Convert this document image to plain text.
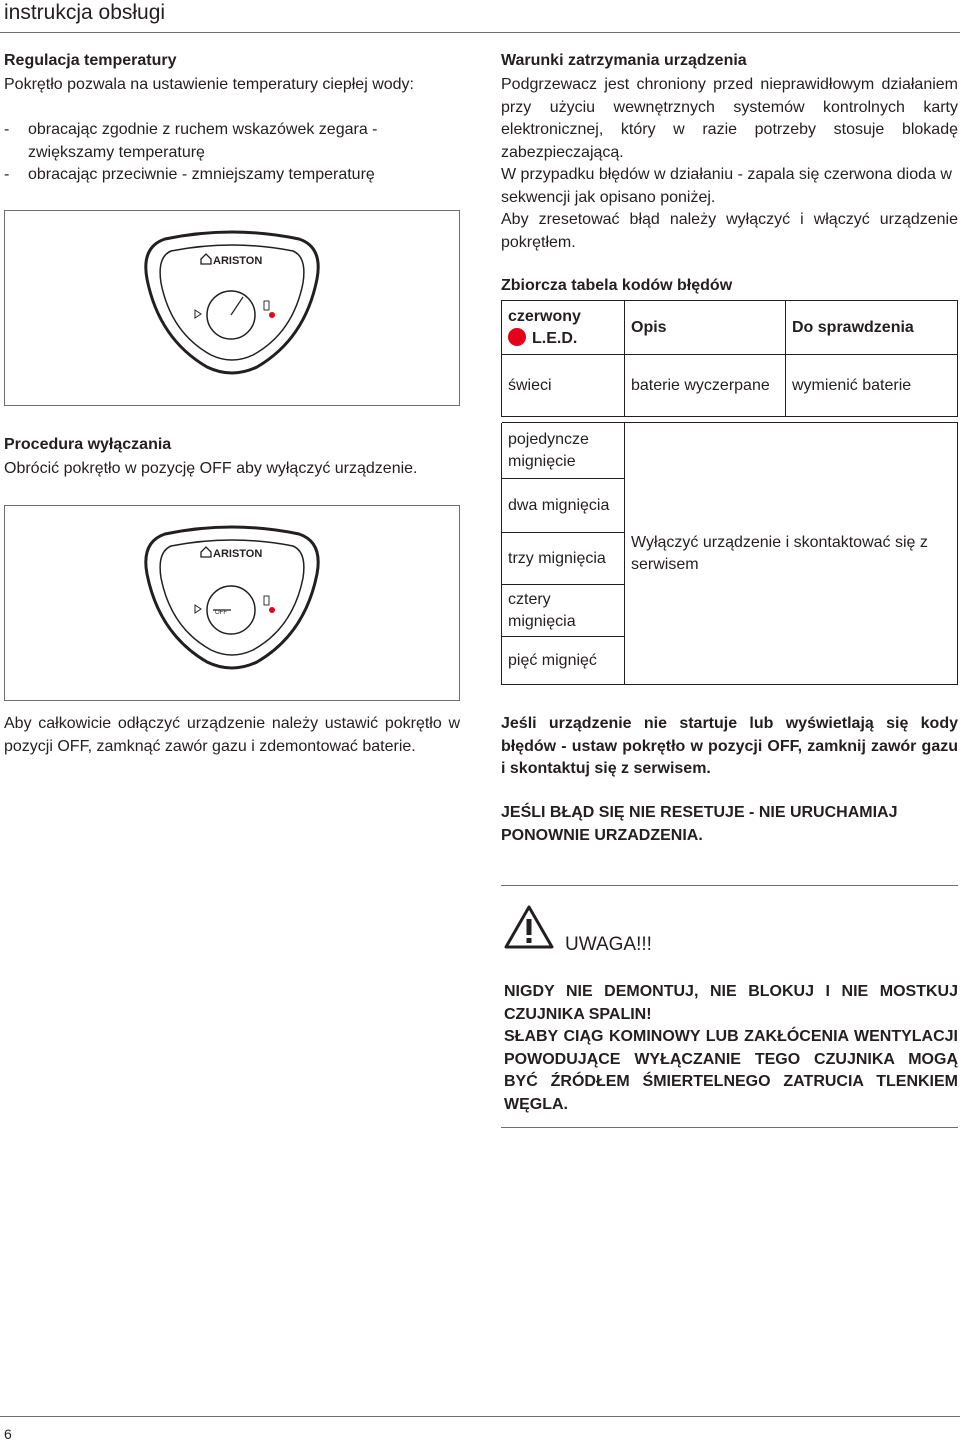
instrukcja obsługi
Regulacja temperatury
Pokrętło pozwala na ustawienie temperatury ciepłej wody:
-	obracając zgodnie z ruchem wskazówek zegara - zwiększamy temperaturę
-	obracając przeciwnie - zmniejszamy temperaturę
ARISTON
Procedura wyłączania
Obrócić pokrętło w pozycję OFF aby wyłączyć urządzenie.
ARISTON
OFF
Aby całkowicie odłączyć urządzenie należy ustawić pokrętło w pozycji OFF, zamknąć zawór gazu i zdemontować baterie.
Warunki zatrzymania urządzenia
Podgrzewacz jest chroniony przed nieprawidłowym działaniem przy użyciu wewnętrznych systemów kontrolnych karty elektronicznej, który w razie potrzeby stosuje blokadę zabezpieczającą.
W przypadku błędów w działaniu - zapala się czerwona dioda w sekwencji jak opisano poniżej.
Aby zresetować błąd należy wyłączyć i włączyć urządzenie pokrętłem.
Zbiorcza tabela kodów błędów
czerwony
L.E.D.	Opis	Do sprawdzenia
świeci	baterie wyczerpane	wymienić baterie

pojedyncze mignięcie	Wyłączyć urządzenie i skontaktować się z serwisem	
dwa mignięcia		
trzy mignięcia		
cztery mignięcia		
pięć mignięć		
Jeśli urządzenie nie startuje lub wyświetlają się kody błędów - ustaw pokrętło w pozycji OFF, zamknij zawór gazu i skontaktuj się z serwisem.
JEŚLI BŁĄD SIĘ NIE RESETUJE - NIE URUCHAMIAJ PONOWNIE URZADZENIA.
UWAGA!!!
NIGDY NIE DEMONTUJ, NIE BLOKUJ I NIE MOSTKUJ CZUJNIKA SPALIN!
SŁABY CIĄG KOMINOWY LUB ZAKŁÓCENIA WENTYLACJI POWODUJĄCE WYŁĄCZANIE TEGO CZUJNIKA MOGĄ BYĆ ŹRÓDŁEM ŚMIERTELNEGO ZATRUCIA TLENKIEM WĘGLA.
6
